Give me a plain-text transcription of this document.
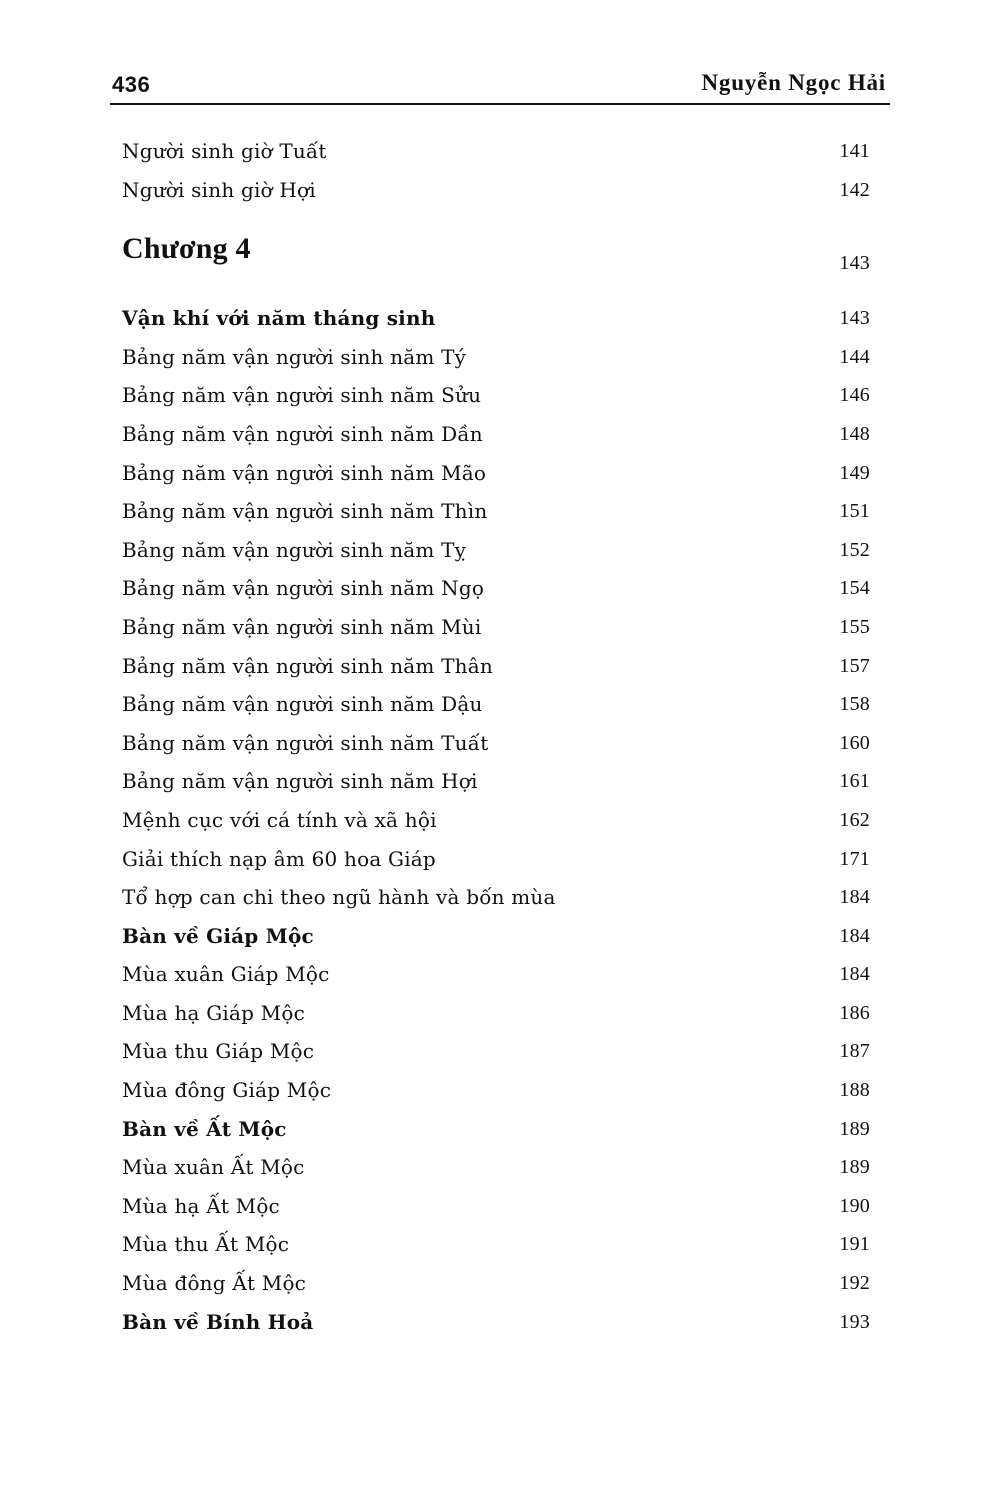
436	Nguyễn Ngọc Hải
Người sinh giờ Tuất	141
Người sinh giờ Hợi	142
Chương 4	143
Vận khí với năm tháng sinh	143
Bảng năm vận người sinh năm Tý	144
Bảng năm vận người sinh năm Sửu	146
Bảng năm vận người sinh năm Dần	148
Bảng năm vận người sinh năm Mão	149
Bảng năm vận người sinh năm Thìn	151
Bảng năm vận người sinh năm Tỵ	152
Bảng năm vận người sinh năm Ngọ	154
Bảng năm vận người sinh năm Mùi	155
Bảng năm vận người sinh năm Thân	157
Bảng năm vận người sinh năm Dậu	158
Bảng năm vận người sinh năm Tuất	160
Bảng năm vận người sinh năm Hợi	161
Mệnh cục với cá tính và xã hội	162
Giải thích nạp âm 60 hoa Giáp	171
Tổ hợp can chi theo ngũ hành và bốn mùa	184
Bàn về Giáp Mộc	184
Mùa xuân Giáp Mộc	184
Mùa hạ Giáp Mộc	186
Mùa thu Giáp Mộc	187
Mùa đông Giáp Mộc	188
Bàn về Ất Mộc	189
Mùa xuân Ất Mộc	189
Mùa hạ Ất Mộc	190
Mùa thu Ất Mộc	191
Mùa đông Ất Mộc	192
Bàn về Bính Hoả	193
